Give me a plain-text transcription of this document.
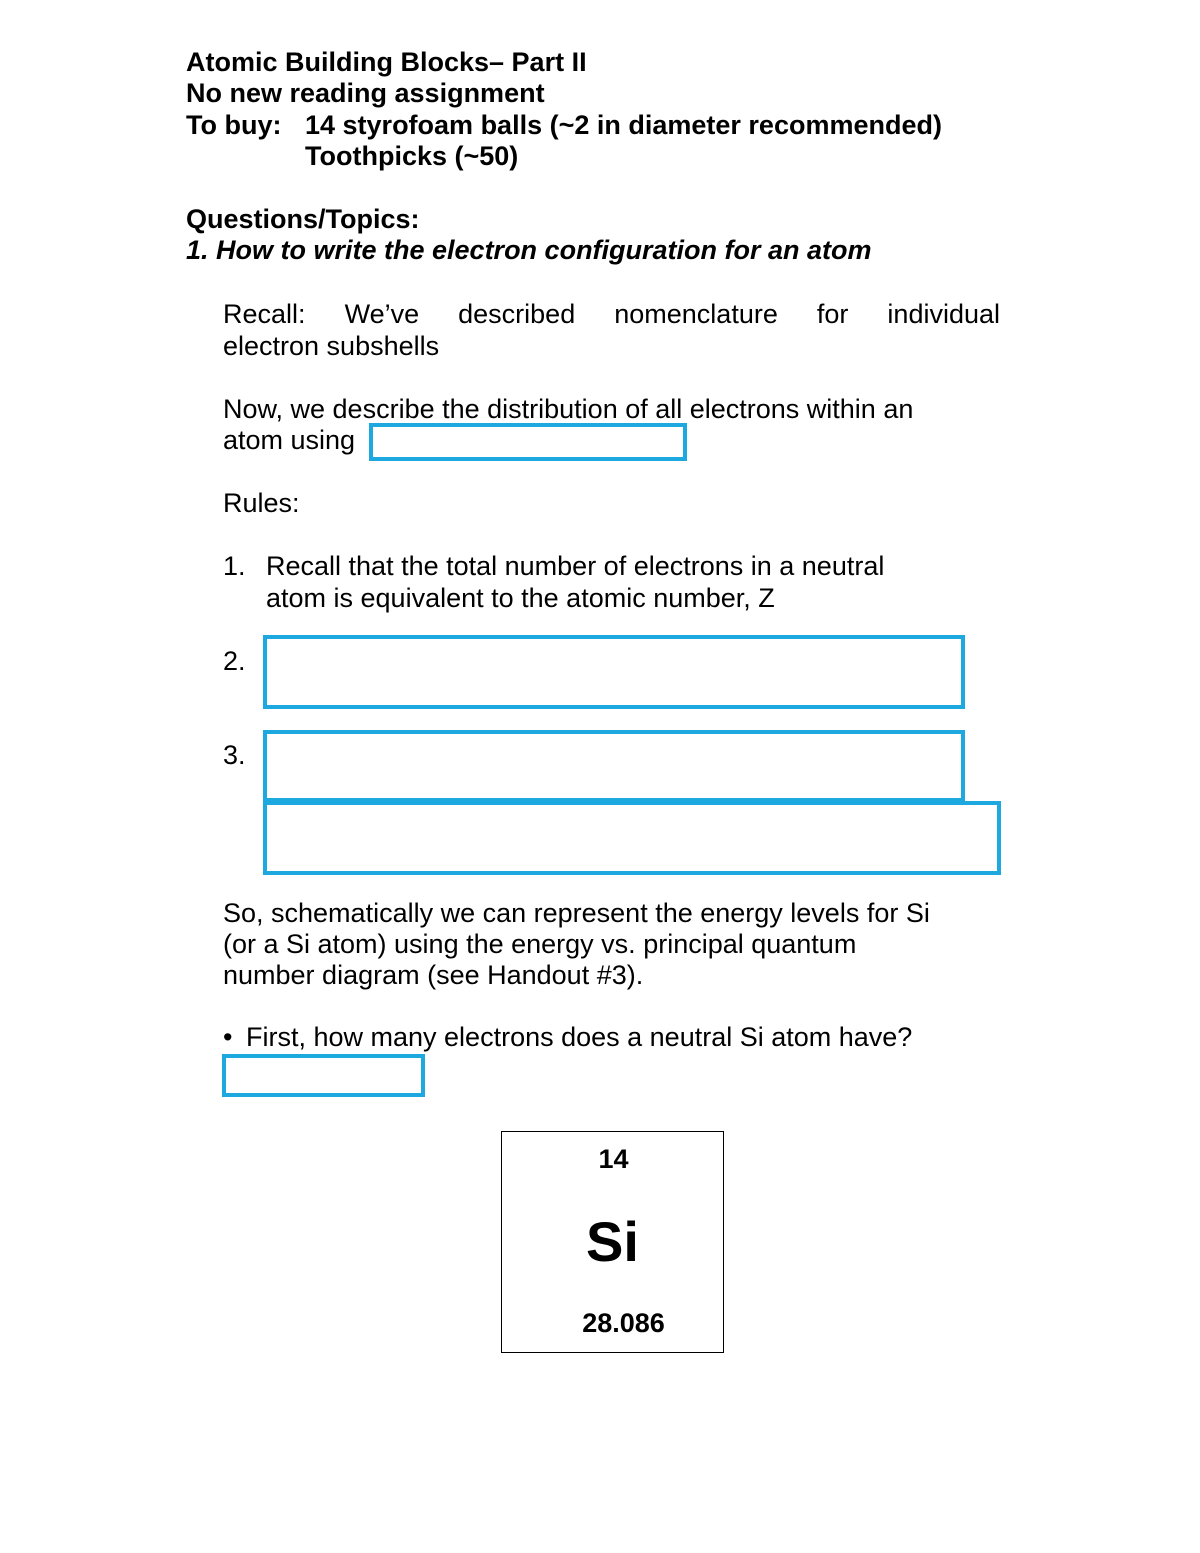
Atomic Building Blocks– Part II
No new reading assignment
To buy: 14 styrofoam balls (~2 in diameter recommended)
Toothpicks (~50)
Questions/Topics:
1. How to write the electron configuration for an atom
Recall: We’ve described nomenclature for individual
electron subshells
Now, we describe the distribution of all electrons within an
atom using
Rules:
1. Recall that the total number of electrons in a neutral
atom is equivalent to the atomic number, Z
2.
3.
So, schematically we can represent the energy levels for Si
(or a Si atom) using the energy vs. principal quantum
number diagram (see Handout #3).
• First, how many electrons does a neutral Si atom have?
14
Si
28.086
